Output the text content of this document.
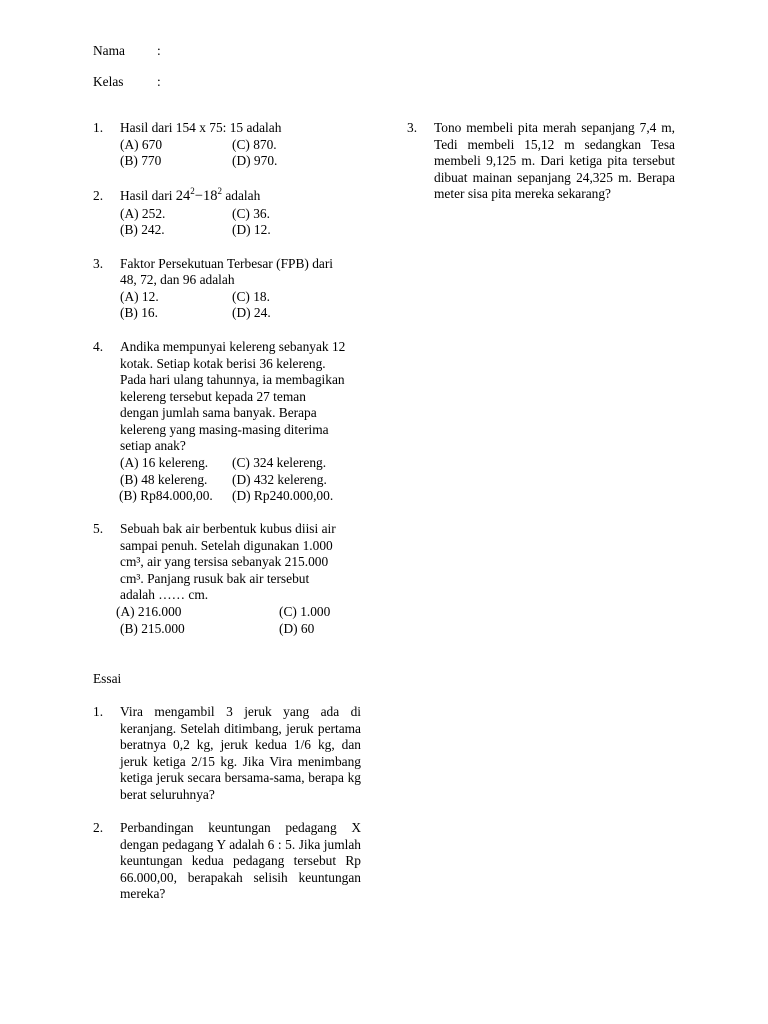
Nama :
Kelas	:
1. Hasil dari 154 x 75: 15 adalah
(A) 670
(B) 770
(C) 870.
(D) 970.
2. Hasil dari $24^2-18^2$ adalah
(A) 252.
(B) 242.
(C) 36.
(D) 12.
3. Faktor Persekutuan Terbesar (FPB) dari
48, 72, dan 96 adalah
(A) 12.
(B) 16.
(C) 18.
(D) 24.
4. Andika mempunyai kelereng sebanyak 12
kotak. Setiap kotak berisi 36 kelereng.
Pada hari ulang tahunnya, ia membagikan
kelereng tersebut kepada 27 teman
dengan jumlah sama banyak. Berapa
kelereng yang masing-masing diterima
setiap anak?
(A) 16 kelereng.
(B) 48 kelereng.
(B) Rp84.000,00.
(C) 324 kelereng.
(D) 432 kelereng.
(D) Rp240.000,00.
5. Sebuah bak air berbentuk kubus diisi air
sampai penuh. Setelah digunakan 1.000
cm³, air yang tersisa sebanyak 215.000
cm³. Panjang rusuk bak air tersebut
adalah …… cm.
(A) 216.000
(B) 215.000
(C) 1.000
(D) 60
Essai
1. Vira mengambil 3 jeruk yang ada di keranjang. Setelah ditimbang, jeruk pertama beratnya 0,2 kg, jeruk kedua 1/6 kg, dan jeruk ketiga 2/15 kg. Jika Vira menimbang ketiga jeruk secara bersama-sama, berapa kg berat seluruhnya?
2. Perbandingan keuntungan pedagang X dengan pedagang Y adalah 6 : 5. Jika jumlah keuntungan kedua pedagang tersebut Rp 66.000,00, berapakah selisih keuntungan mereka?
3. Tono membeli pita merah sepanjang 7,4 m, Tedi membeli 15,12 m sedangkan Tesa membeli 9,125 m. Dari ketiga pita tersebut dibuat mainan sepanjang 24,325 m. Berapa meter sisa pita mereka sekarang?
